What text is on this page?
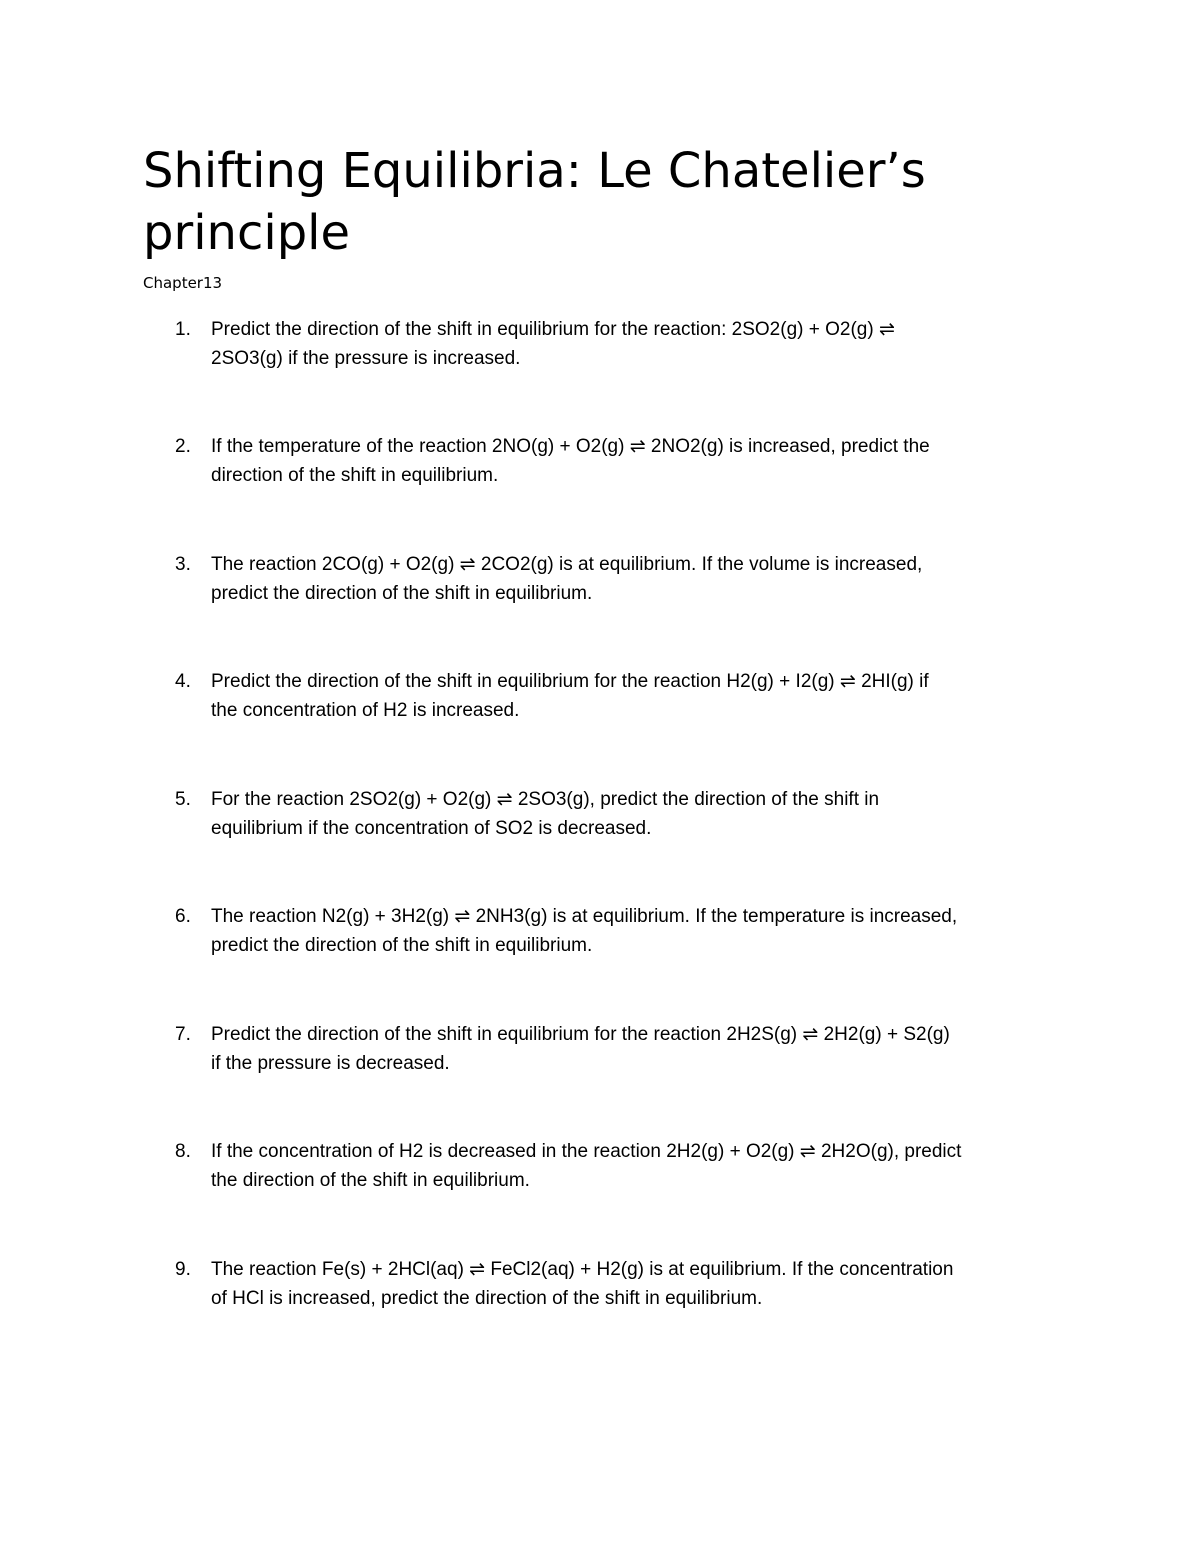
Shifting Equilibria: Le Chatelier’s
principle

Chapter13

1.	Predict the direction of the shift in equilibrium for the reaction: 2SO2(g) + O2(g) ⇌
2SO3(g) if the pressure is increased.
2.	If the temperature of the reaction 2NO(g) + O2(g) ⇌ 2NO2(g) is increased, predict the
direction of the shift in equilibrium.
3.	The reaction 2CO(g) + O2(g) ⇌ 2CO2(g) is at equilibrium. If the volume is increased,
predict the direction of the shift in equilibrium.
4.	Predict the direction of the shift in equilibrium for the reaction H2(g) + I2(g) ⇌ 2HI(g) if
the concentration of H2 is increased.
5.	For the reaction 2SO2(g) + O2(g) ⇌ 2SO3(g), predict the direction of the shift in
equilibrium if the concentration of SO2 is decreased.
6.	The reaction N2(g) + 3H2(g) ⇌ 2NH3(g) is at equilibrium. If the temperature is increased,
predict the direction of the shift in equilibrium.
7.	Predict the direction of the shift in equilibrium for the reaction 2H2S(g) ⇌ 2H2(g) + S2(g)
if the pressure is decreased.
8.	If the concentration of H2 is decreased in the reaction 2H2(g) + O2(g) ⇌ 2H2O(g), predict
the direction of the shift in equilibrium.
9.	The reaction Fe(s) + 2HCl(aq) ⇌ FeCl2(aq) + H2(g) is at equilibrium. If the concentration
of HCl is increased, predict the direction of the shift in equilibrium.
